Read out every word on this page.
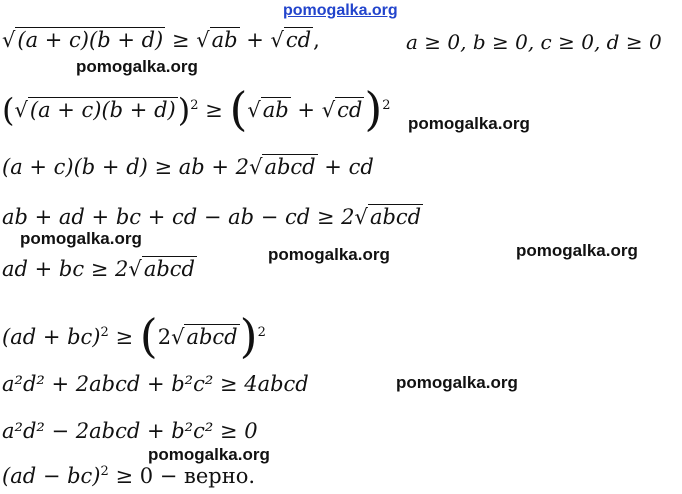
pomogalka.org
√(a + c)(b + d) ≥ √ab + √cd,	a ≥ 0, b ≥ 0, c ≥ 0, d ≥ 0
pomogalka.org
$(√(a + c)(b + d))^2 \ge (√ab + √cd)^2$
pomogalka.org
(a + c)(b + d) ≥ ab + 2√abcd + cd
ab + ad + bc + cd − ab − cd ≥ 2√abcd
pomogalka.org
pomogalka.org	pomogalka.org
ad + bc ≥ 2√abcd
(ad + bc)$^2$ ≥ (2√abcd)$^2$
a²d² + 2abcd + b²c² ≥ 4abcd	pomogalka.org
a²d² − 2abcd + b²c² ≥ 0
pomogalka.org
(ad − bc)$^2$ ≥ 0 − верно.
